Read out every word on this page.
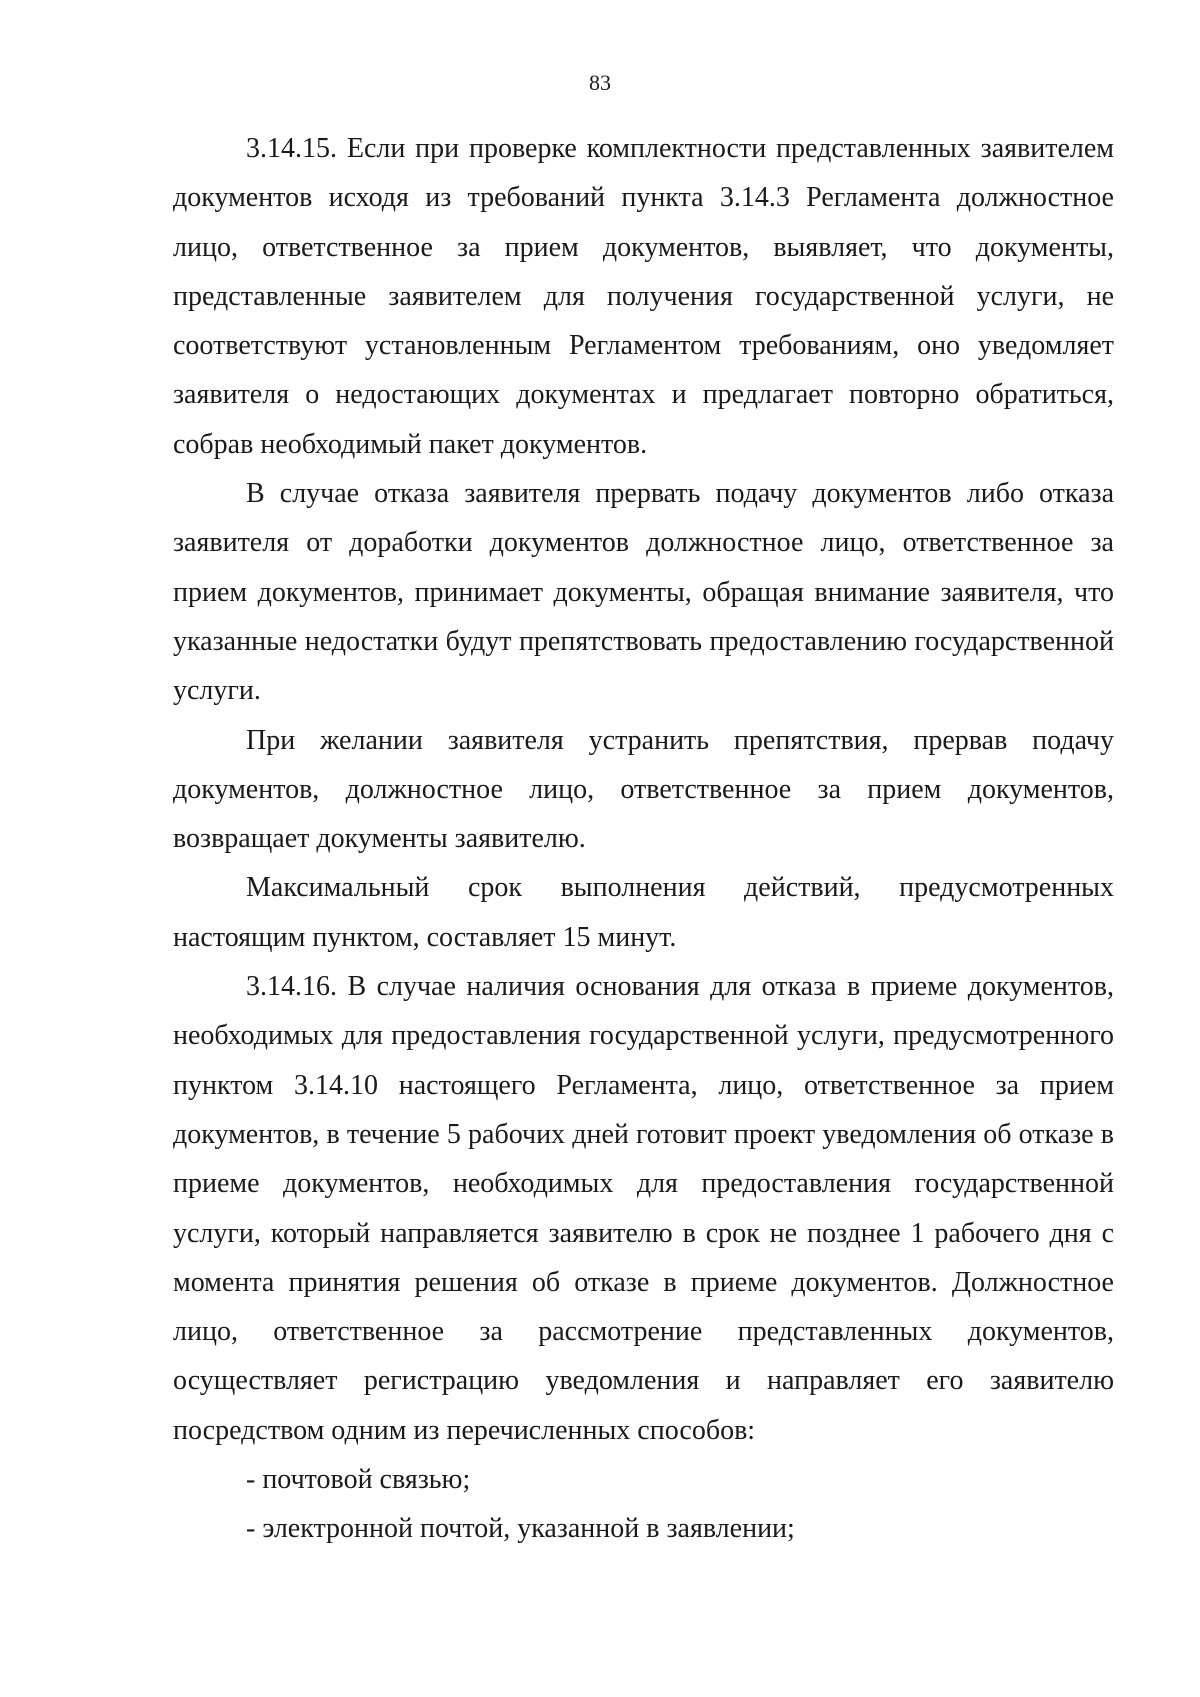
83

3.14.15. Если при проверке комплектности представленных заявителем документов исходя из требований пункта 3.14.3 Регламента должностное лицо, ответственное за прием документов, выявляет, что документы, представленные заявителем для получения государственной услуги, не соответствуют установленным Регламентом требованиям, оно уведомляет заявителя о недостающих документах и предлагает повторно обратиться, собрав необходимый пакет документов.

В случае отказа заявителя прервать подачу документов либо отказа заявителя от доработки документов должностное лицо, ответственное за прием документов, принимает документы, обращая внимание заявителя, что указанные недостатки будут препятствовать предоставлению государственной услуги.

При желании заявителя устранить препятствия, прервав подачу документов, должностное лицо, ответственное за прием документов, возвращает документы заявителю.

Максимальный срок выполнения действий, предусмотренных настоящим пунктом, составляет 15 минут.

3.14.16. В случае наличия основания для отказа в приеме документов, необходимых для предоставления государственной услуги, предусмотренного пунктом 3.14.10 настоящего Регламента, лицо, ответственное за прием документов, в течение 5 рабочих дней готовит проект уведомления об отказе в приеме документов, необходимых для предоставления государственной услуги, который направляется заявителю в срок не позднее 1 рабочего дня с момента принятия решения об отказе в приеме документов. Должностное лицо, ответственное за рассмотрение представленных документов, осуществляет регистрацию уведомления и направляет его заявителю посредством одним из перечисленных способов:

- почтовой связью;

- электронной почтой, указанной в заявлении;
